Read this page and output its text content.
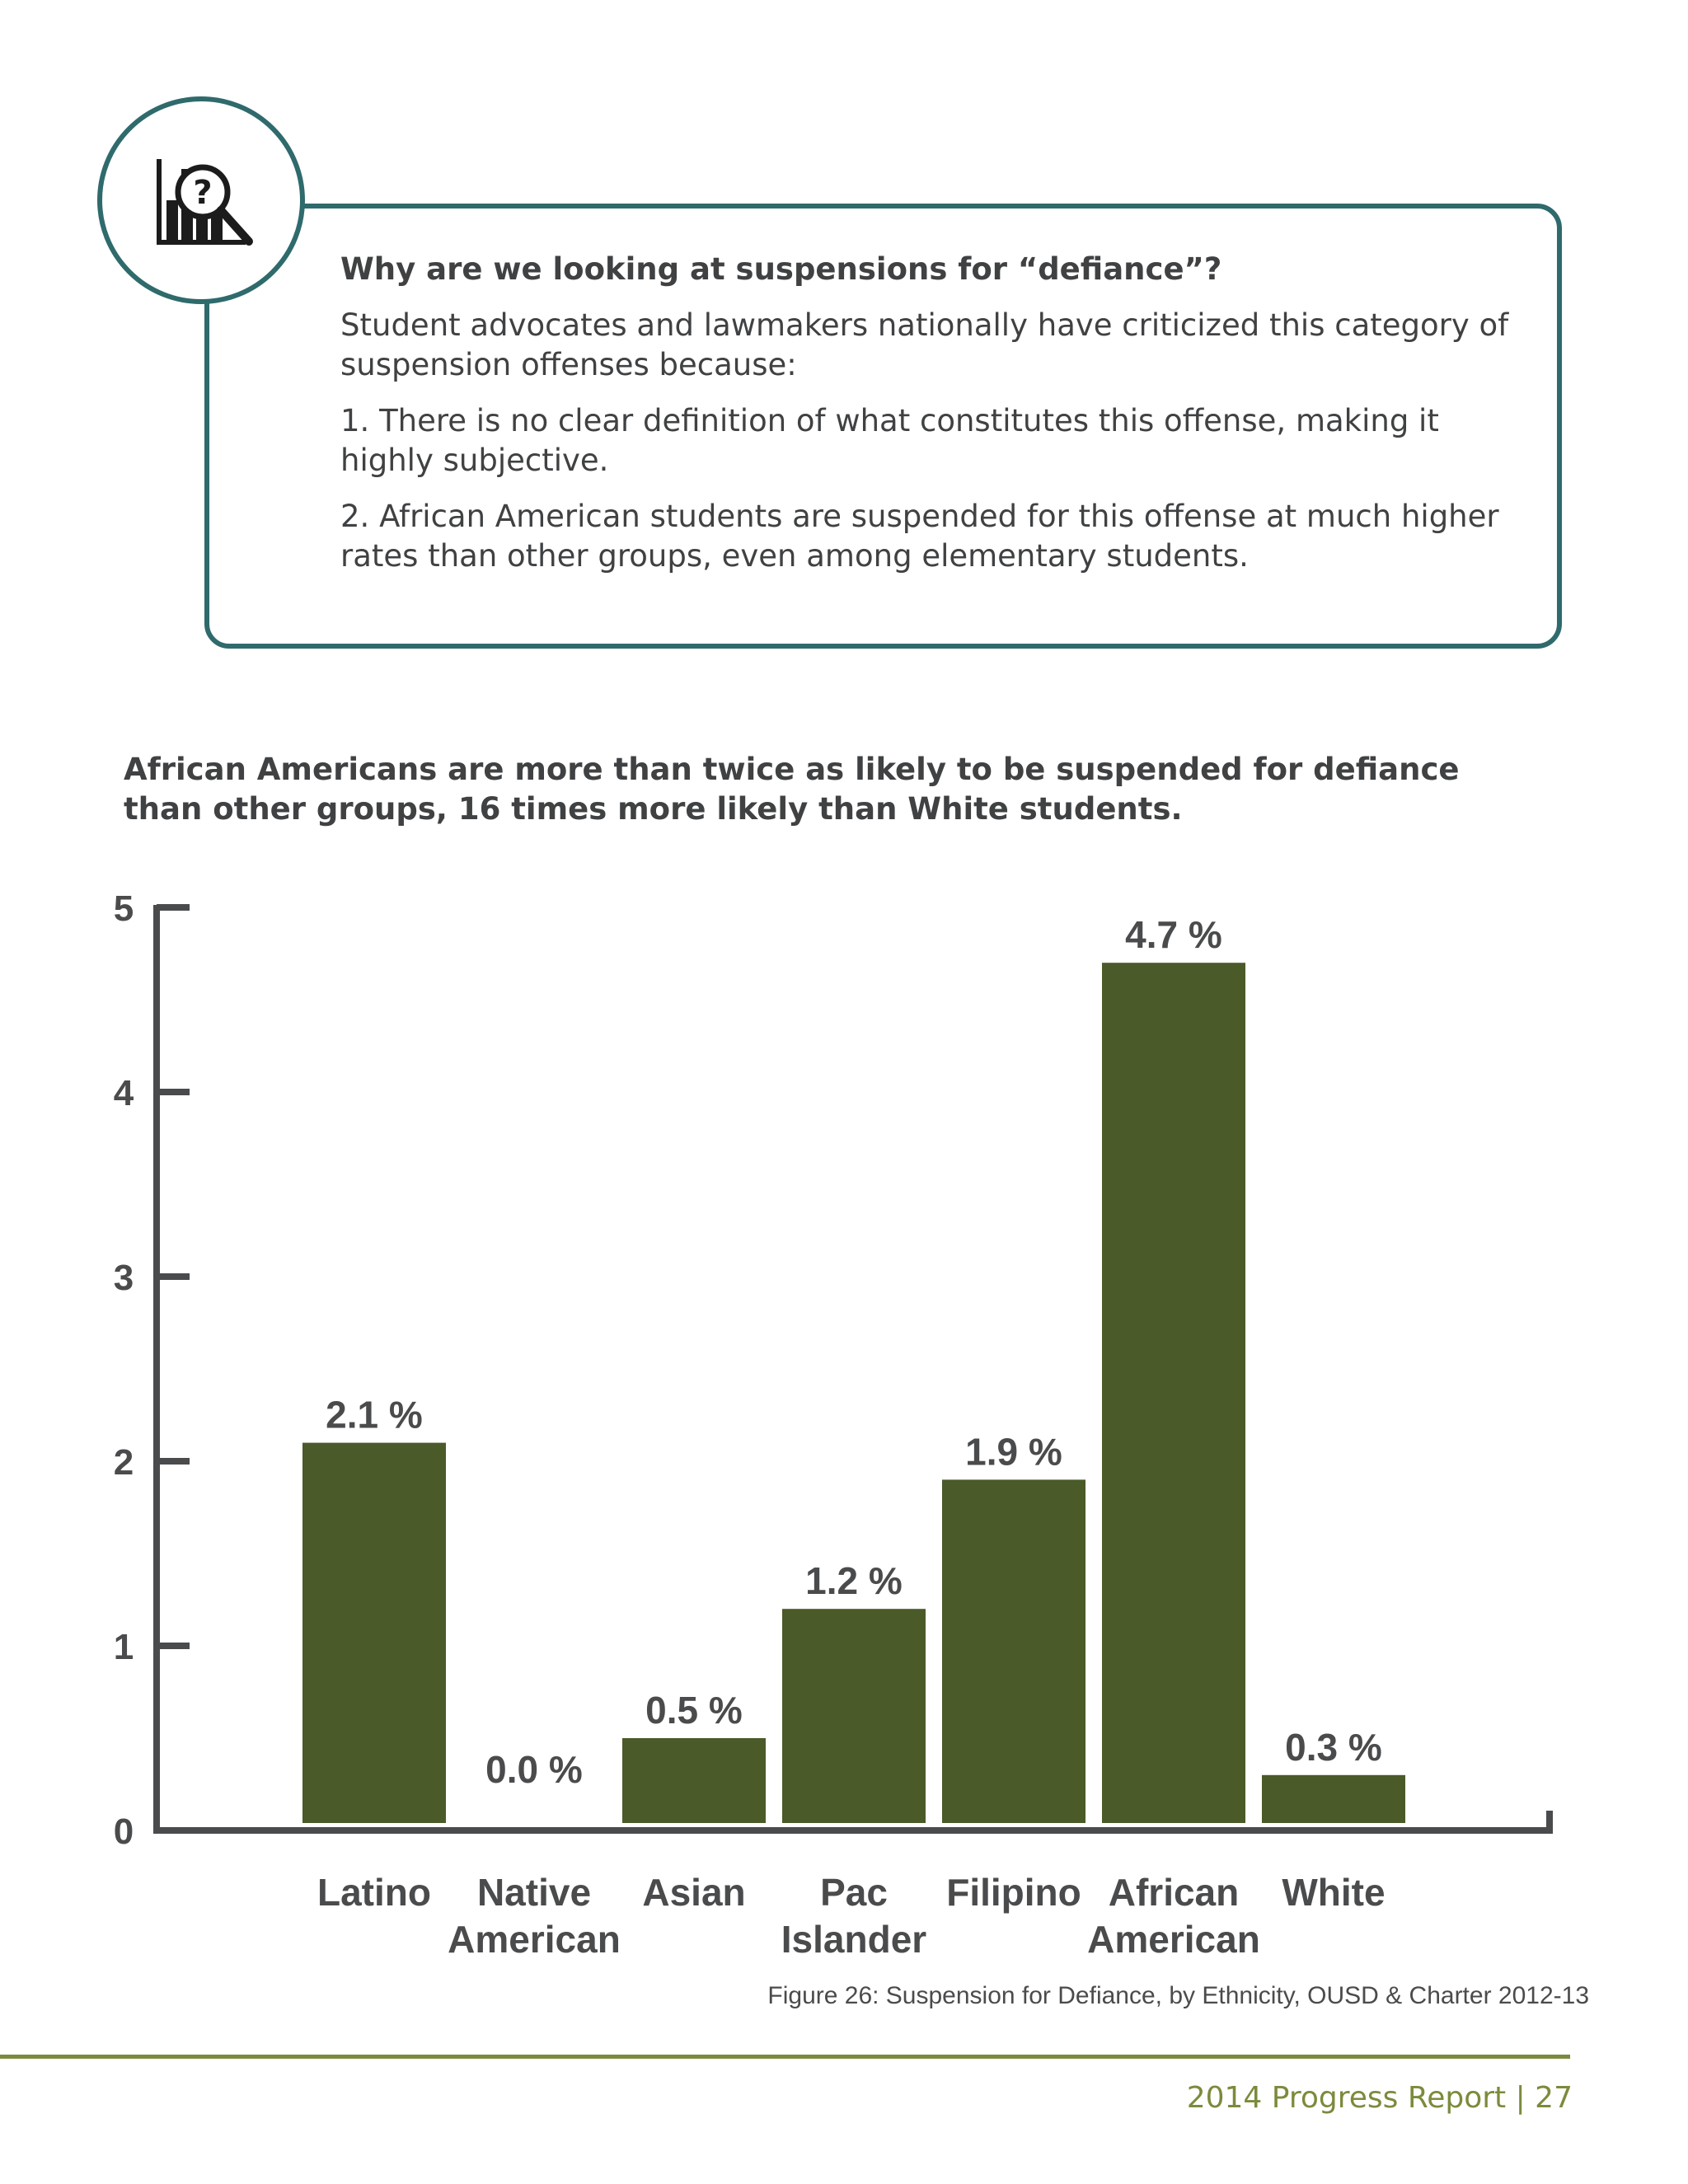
?

Why are we looking at suspensions for “defiance”?

Student advocates and lawmakers nationally have criticized this category of suspension offenses because:

1. There is no clear definition of what constitutes this offense, making it highly subjective.

2. African American students are suspended for this offense at much higher rates than other groups, even among elementary students.

African Americans are more than twice as likely to be suspended for defiance than other groups, 16 times more likely than White students.
0
1
2
3
4
5
2.1 %
Latino
0.0 %
Native American
0.5 %
Asian
1.2 %
Pac Islander
1.9 %
Filipino
4.7 %
African American
0.3 %
White
Figure 26: Suspension for Defiance, by Ethnicity, OUSD & Charter 2012-13
2014 Progress Report | 27
